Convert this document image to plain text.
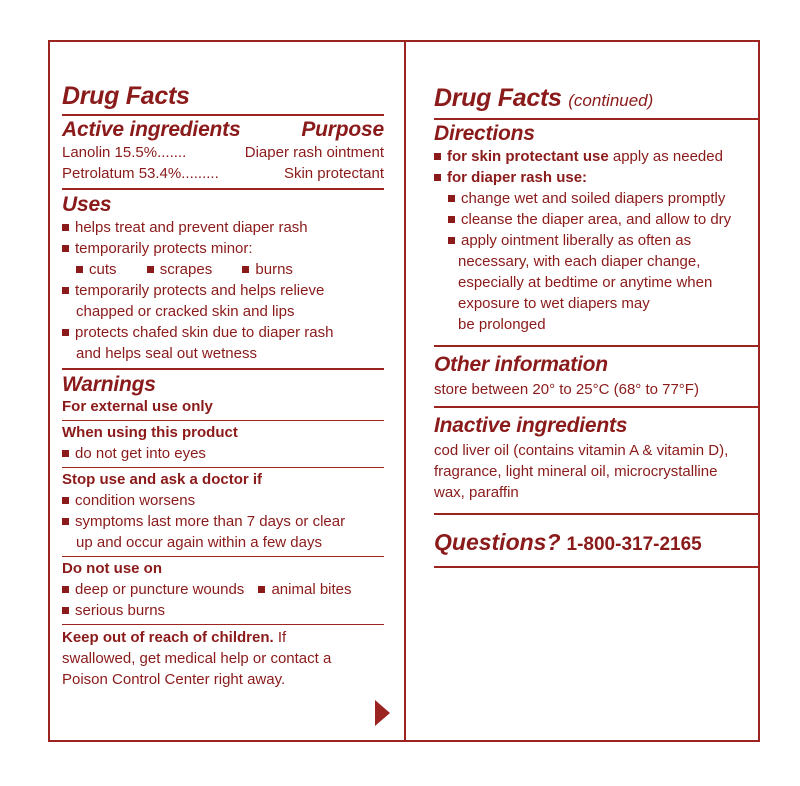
Drug Facts
Active ingredients	Purpose
Lanolin 15.5%.......	Diaper rash ointment
Petrolatum 53.4%.........	Skin protectant
Uses
helps treat and prevent diaper rash
temporarily protects minor:
cuts	scrapes	burns
temporarily protects and helps relieve
chapped or cracked skin and lips
protects chafed skin due to diaper rash
and helps seal out wetness
Warnings
For external use only
When using this product
do not get into eyes
Stop use and ask a doctor if
condition worsens
symptoms last more than 7 days or clear
up and occur again within a few days
Do not use on
deep or puncture wounds animal bites
serious burns
Keep out of reach of children. If
swallowed, get medical help or contact a
Poison Control Center right away.
Drug Facts (continued)
Directions
for skin protectant use apply as needed
for diaper rash use:
change wet and soiled diapers promptly
cleanse the diaper area, and allow to dry
apply ointment liberally as often as
necessary, with each diaper change,
especially at bedtime or anytime when
exposure to wet diapers may
be prolonged
Other information
store between 20° to 25°C (68° to 77°F)
Inactive ingredients
cod liver oil (contains vitamin A & vitamin D),
fragrance, light mineral oil, microcrystalline
wax, paraffin
Questions? 1-800-317-2165
